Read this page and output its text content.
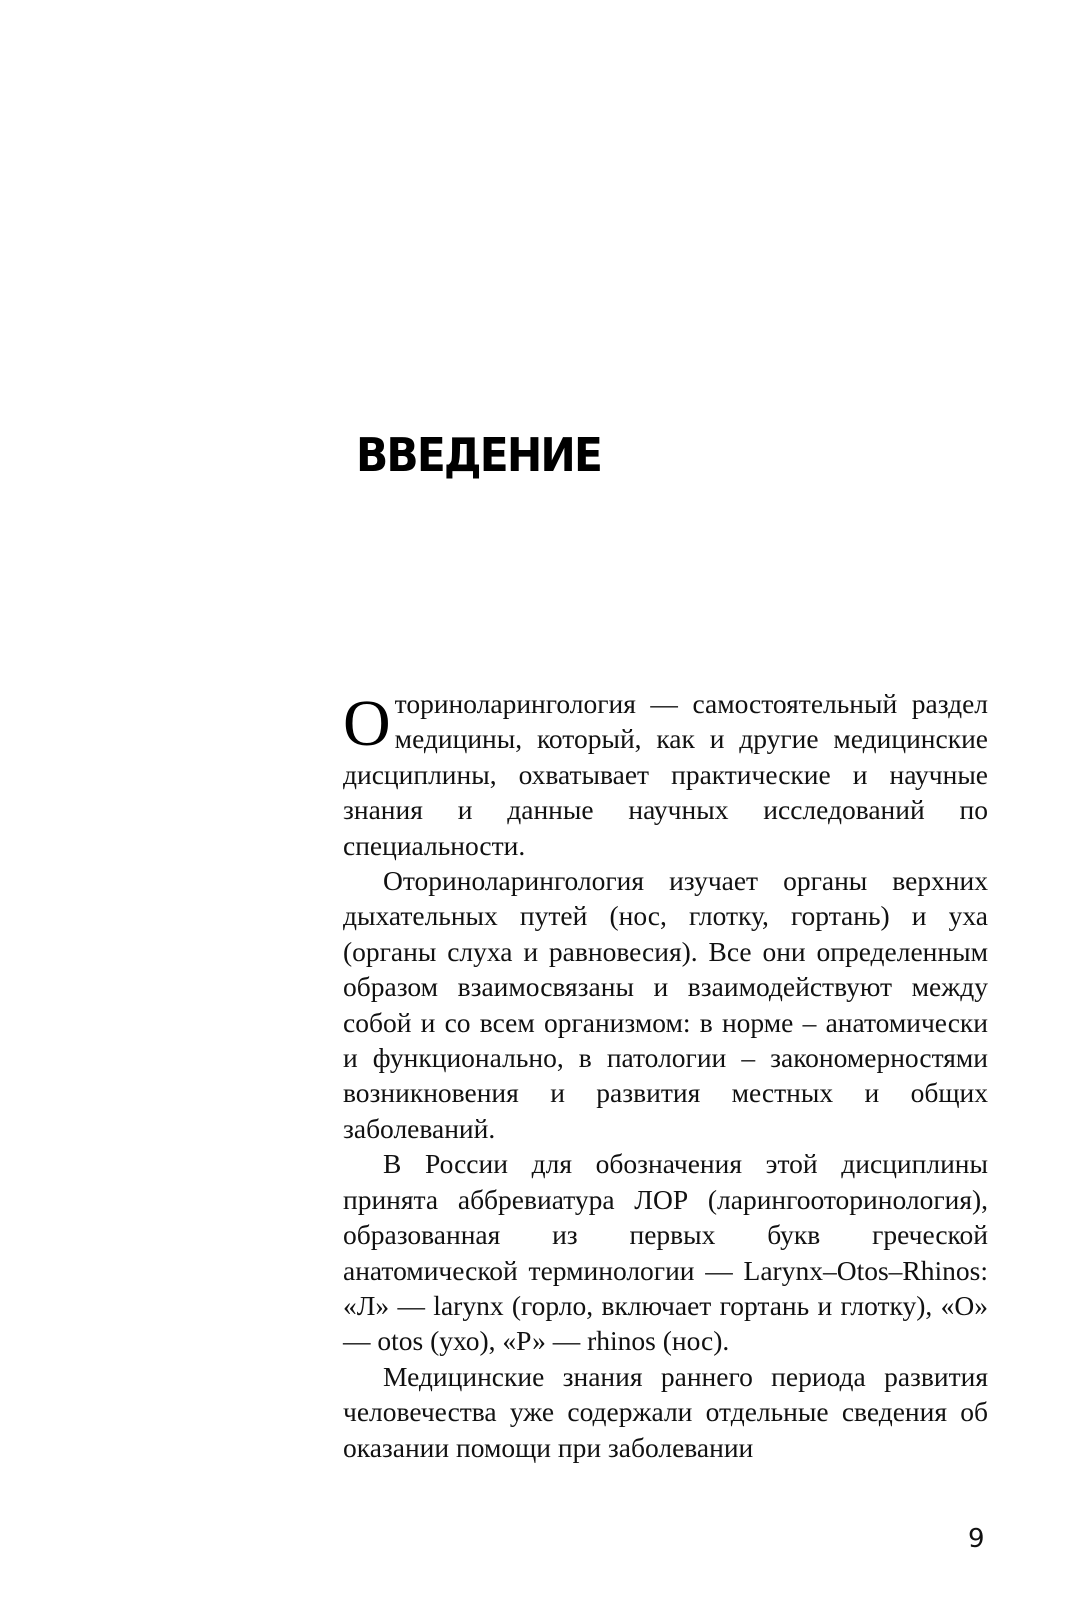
ВВЕДЕНИЕ

Оториноларингология — самостоятельный раздел медицины, который, как и другие медицинские дисциплины, охватывает практические и научные знания и данные научных исследований по специальности.

Оториноларингология изучает органы верхних дыхательных путей (нос, глотку, гортань) и уха (органы слуха и равновесия). Все они определенным образом взаимосвязаны и взаимодействуют между собой и со всем организмом: в норме – анатомически и функционально, в патологии – закономерностями возникновения и развития местных и общих заболеваний.

В России для обозначения этой дисциплины принята аббревиатура ЛОР (ларингооторинология), образованная из первых букв греческой анатомической терминологии — Larynx–Otos–Rhinos: «Л» — larynx (горло, включает гортань и глотку), «О» — otos (ухо), «Р» — rhinos (нос).

Медицинские знания раннего периода развития человечества уже содержали отдельные сведения об оказании помощи при заболевании

9
